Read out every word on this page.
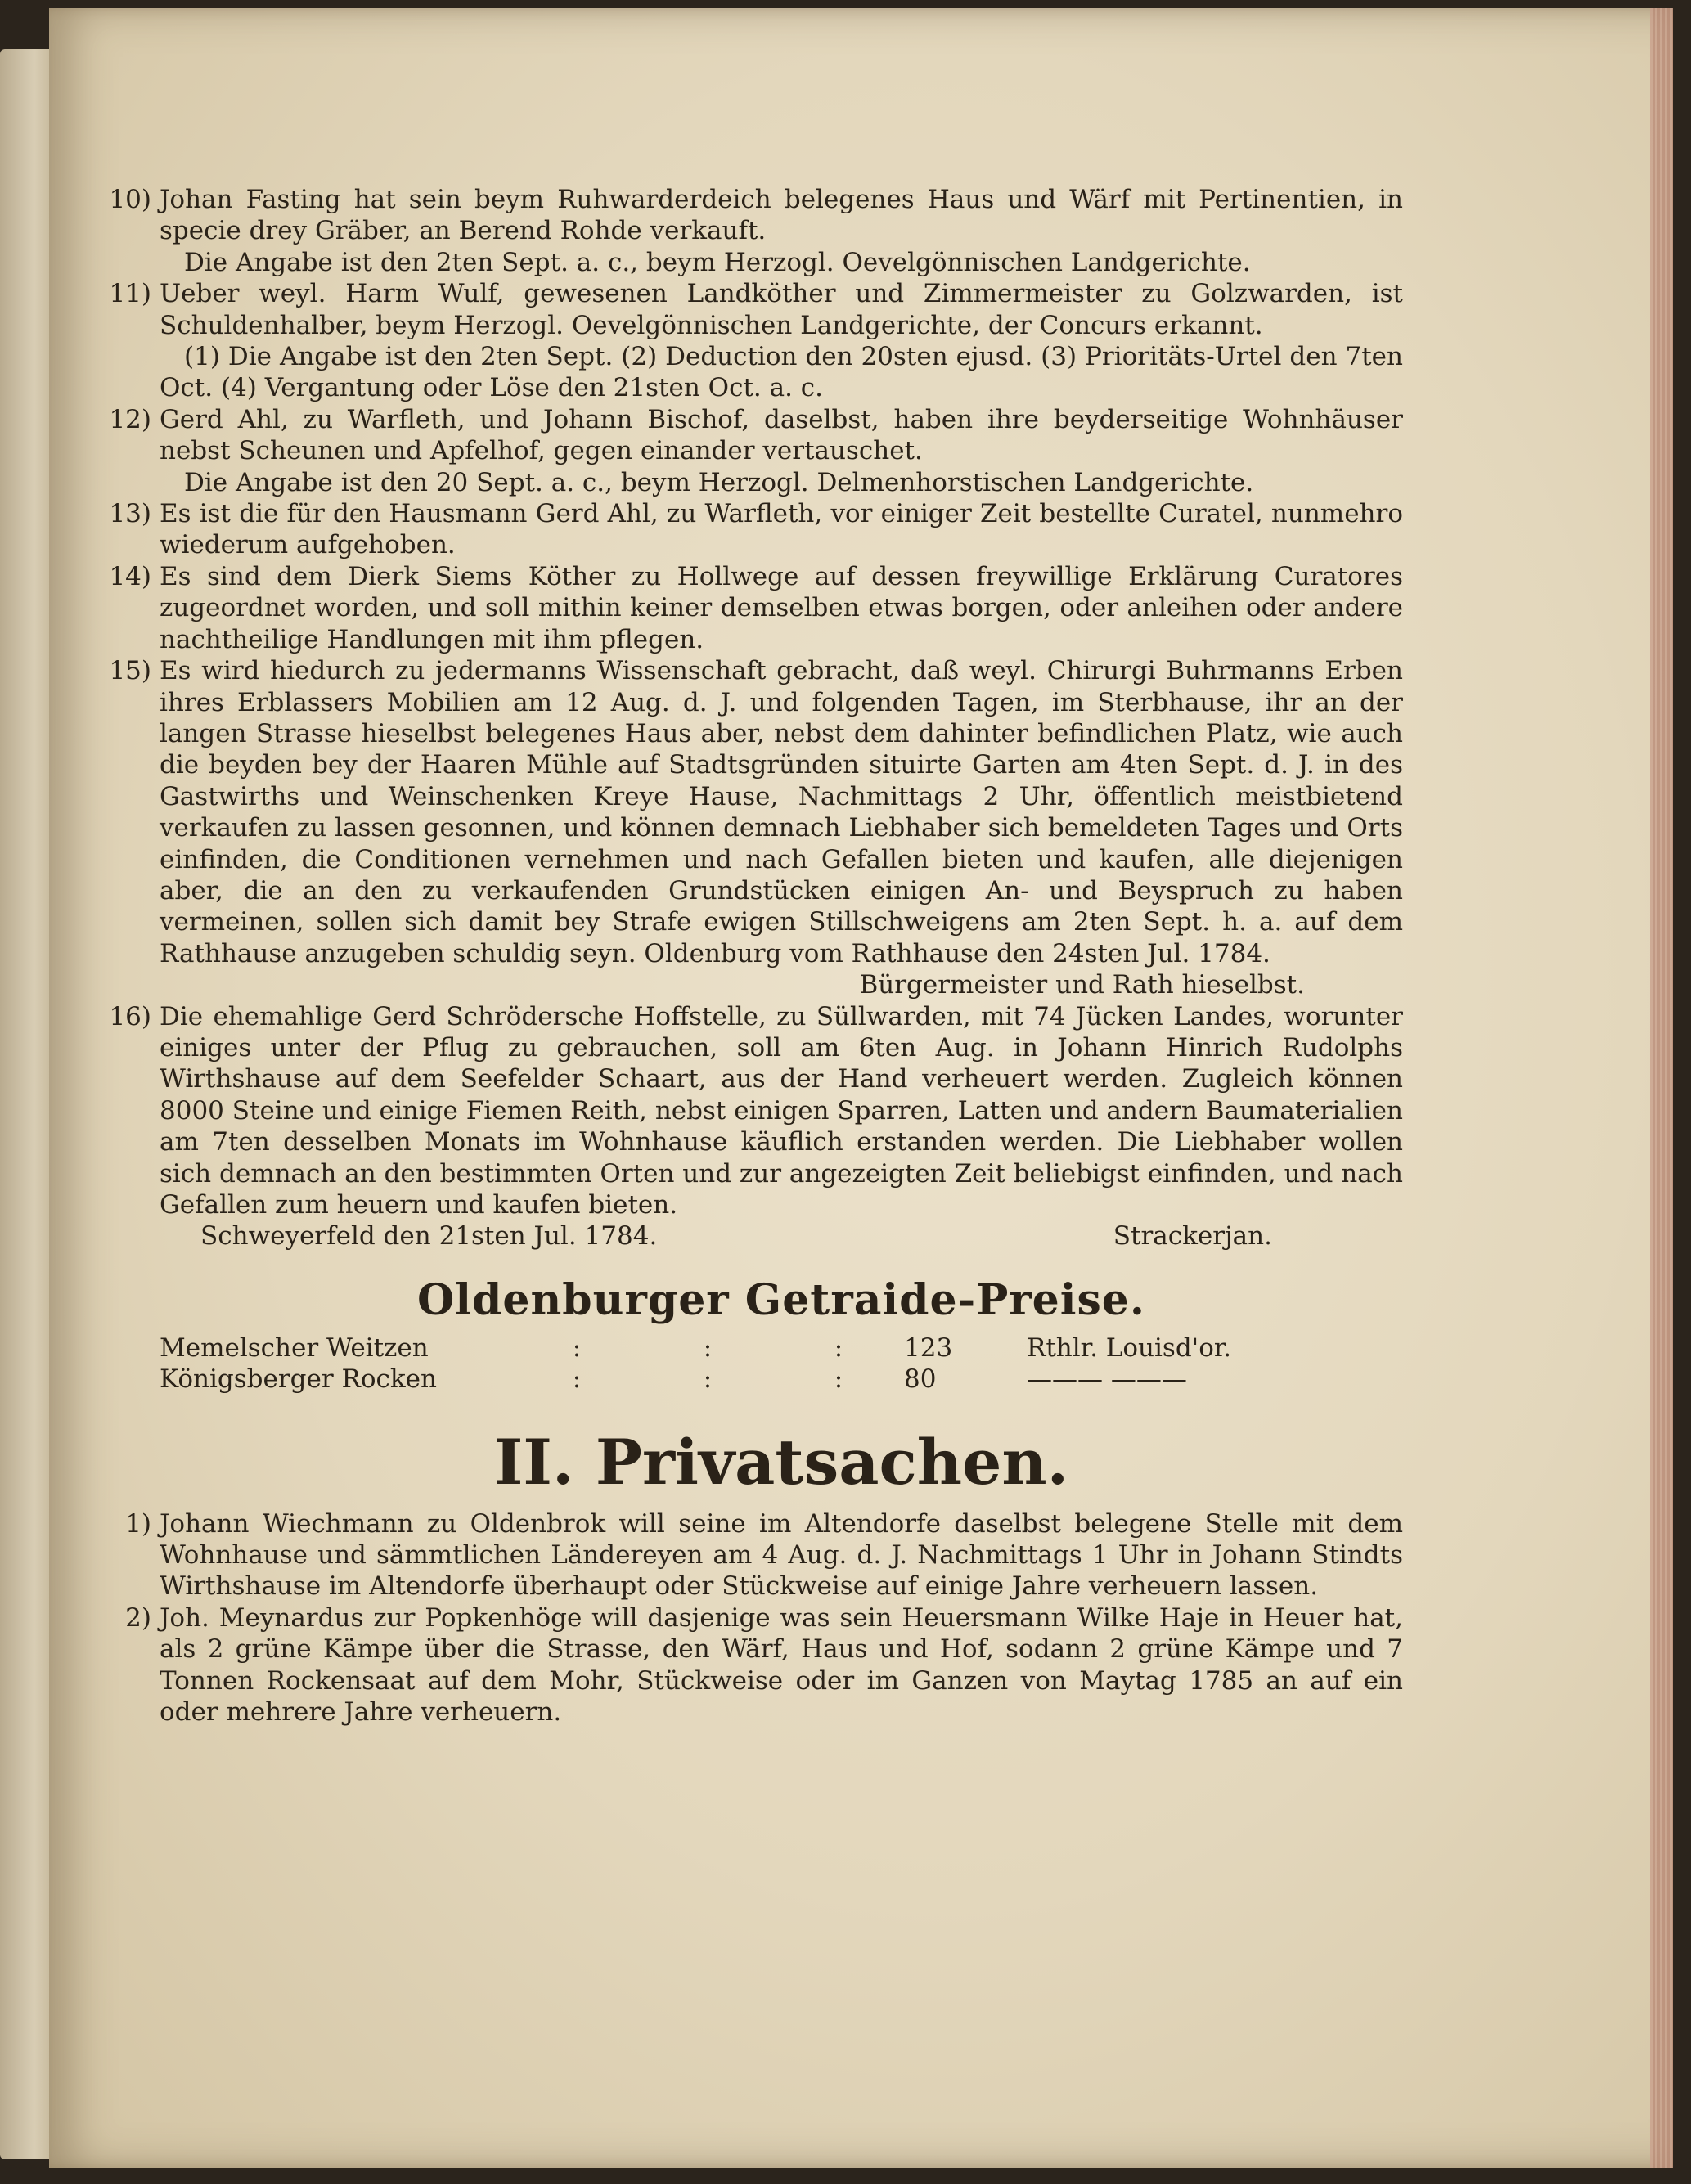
10) Johan Fasting hat sein beym Ruhwarderdeich belegenes Haus und Wärf mit Pertinentien, in specie drey Gräber, an Berend Rohde verkauft.
Die Angabe ist den 2ten Sept. a. c., beym Herzogl. Oevelgönnischen Landgerichte.
11) Ueber weyl. Harm Wulf, gewesenen Landköther und Zimmermeister zu Golzwarden, ist Schuldenhalber, beym Herzogl. Oevelgönnischen Landgerichte, der Concurs erkannt.
(1) Die Angabe ist den 2ten Sept. (2) Deduction den 20sten ejusd. (3) Prioritäts-Urtel den 7ten Oct. (4) Vergantung oder Löse den 21sten Oct. a. c.
12) Gerd Ahl, zu Warfleth, und Johann Bischof, daselbst, haben ihre beyderseitige Wohnhäuser nebst Scheunen und Apfelhof, gegen einander vertauschet.
Die Angabe ist den 20 Sept. a. c., beym Herzogl. Delmenhorstischen Landgerichte.
13) Es ist die für den Hausmann Gerd Ahl, zu Warfleth, vor einiger Zeit bestellte Curatel, nunmehro wiederum aufgehoben.
14) Es sind dem Dierk Siems Köther zu Hollwege auf dessen freywillige Erklärung Curatores zugeordnet worden, und soll mithin keiner demselben etwas borgen, oder anleihen oder andere nachtheilige Handlungen mit ihm pflegen.
15) Es wird hiedurch zu jedermanns Wissenschaft gebracht, daß weyl. Chirurgi Buhrmanns Erben ihres Erblassers Mobilien am 12 Aug. d. J. und folgenden Tagen, im Sterbhause, ihr an der langen Strasse hieselbst belegenes Haus aber, nebst dem dahinter befindlichen Platz, wie auch die beyden bey der Haaren Mühle auf Stadtsgründen situirte Garten am 4ten Sept. d. J. in des Gastwirths und Weinschenken Kreye Hause, Nachmittags 2 Uhr, öffentlich meistbietend verkaufen zu lassen gesonnen, und können demnach Liebhaber sich bemeldeten Tages und Orts einfinden, die Conditionen vernehmen und nach Gefallen bieten und kaufen, alle diejenigen aber, die an den zu verkaufenden Grundstücken einigen An- und Beyspruch zu haben vermeinen, sollen sich damit bey Strafe ewigen Stillschweigens am 2ten Sept. h. a. auf dem Rathhause anzugeben schuldig seyn. Oldenburg vom Rathhause den 24sten Jul. 1784.
Bürgermeister und Rath hieselbst.
16) Die ehemahlige Gerd Schrödersche Hoffstelle, zu Süllwarden, mit 74 Jücken Landes, worunter einiges unter der Pflug zu gebrauchen, soll am 6ten Aug. in Johann Hinrich Rudolphs Wirthshause auf dem Seefelder Schaart, aus der Hand verheuert werden. Zugleich können 8000 Steine und einige Fiemen Reith, nebst einigen Sparren, Latten und andern Baumaterialien am 7ten desselben Monats im Wohnhause käuflich erstanden werden. Die Liebhaber wollen sich demnach an den bestimmten Orten und zur angezeigten Zeit beliebigst einfinden, und nach Gefallen zum heuern und kaufen bieten.
Schweyerfeld den 21sten Jul. 1784.	Strackerjan.
Oldenburger Getraide-Preise.
Memelscher Weitzen	:	:	: 123	Rthlr. Louisd'or.
Königsberger Rocken	:	:	: 80	——— ———
II. Privatsachen.
1) Johann Wiechmann zu Oldenbrok will seine im Altendorfe daselbst belegene Stelle mit dem Wohnhause und sämmtlichen Ländereyen am 4 Aug. d. J. Nachmittags 1 Uhr in Johann Stindts Wirthshause im Altendorfe überhaupt oder Stückweise auf einige Jahre verheuern lassen.
2) Joh. Meynardus zur Popkenhöge will dasjenige was sein Heuersmann Wilke Haje in Heuer hat, als 2 grüne Kämpe über die Strasse, den Wärf, Haus und Hof, sodann 2 grüne Kämpe und 7 Tonnen Rockensaat auf dem Mohr, Stückweise oder im Ganzen von Maytag 1785 an auf ein oder mehrere Jahre verheuern.
